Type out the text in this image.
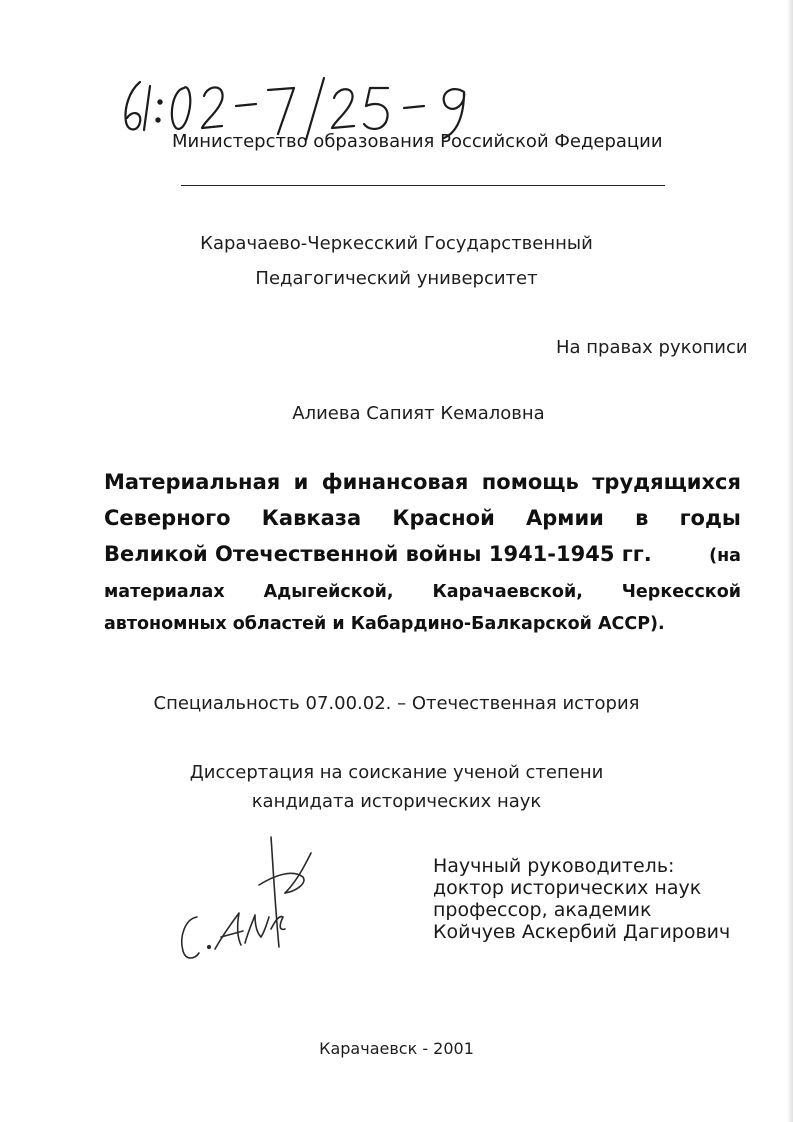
Министерство образования Российской Федерации
Карачаево-Черкесский Государственный
Педагогический университет
На правах рукописи
Алиева Сапият Кемаловна
Материальная и финансовая помощь трудящихся
Северного Кавказа Красной Армии в годы
Великой Отечественной войны 1941-1945 гг.	(на
материалах Адыгейской, Карачаевской, Черкесской
автономных областей и Кабардино-Балкарской АССР).
Специальность 07.00.02. – Отечественная история
Диссертация на соискание ученой степени
кандидата исторических наук
Научный руководитель:
доктор исторических наук
профессор, академик
Койчуев Аскербий Дагирович
Карачаевск - 2001
